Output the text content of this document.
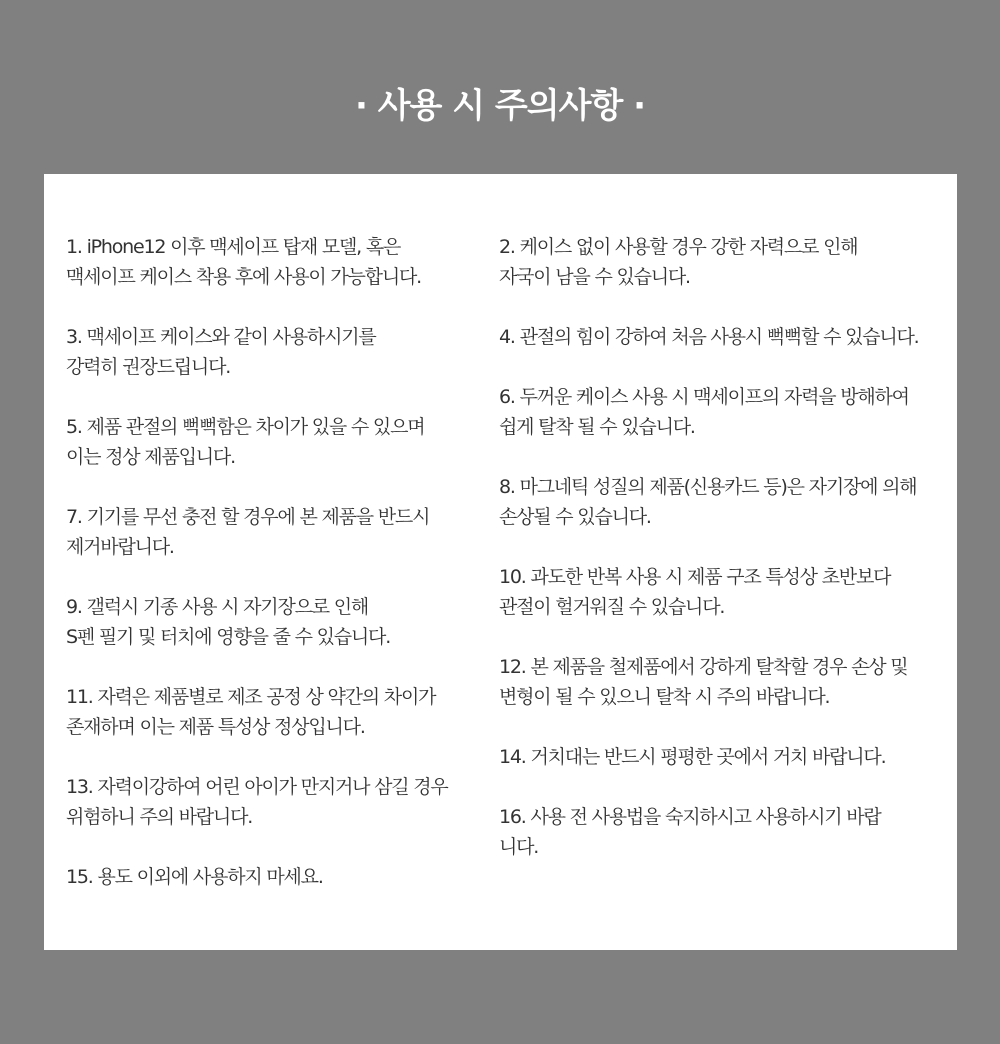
· 사용 시 주의사항 ·

1. iPhone12 이후 맥세이프 탑재 모델, 혹은
맥세이프 케이스 착용 후에 사용이 가능합니다.

3. 맥세이프 케이스와 같이 사용하시기를
강력히 권장드립니다.

5. 제품 관절의 뻑뻑함은 차이가 있을 수 있으며
이는 정상 제품입니다.

7. 기기를 무선 충전 할 경우에 본 제품을 반드시
제거바랍니다.

9. 갤럭시 기종 사용 시 자기장으로 인해
S펜 필기 및 터치에 영향을 줄 수 있습니다.

11. 자력은 제품별로 제조 공정 상 약간의 차이가
존재하며 이는 제품 특성상 정상입니다.

13. 자력이강하여 어린 아이가 만지거나 삼길 경우
위험하니 주의 바랍니다.

15. 용도 이외에 사용하지 마세요.

2. 케이스 없이 사용할 경우 강한 자력으로 인해
자국이 남을 수 있습니다.

4. 관절의 힘이 강하여 처음 사용시 뻑뻑할 수 있습니다.

6. 두꺼운 케이스 사용 시 맥세이프의 자력을 방해하여
쉽게 탈착 될 수 있습니다.

8. 마그네틱 성질의 제품(신용카드 등)은 자기장에 의해
손상될 수 있습니다.

10. 과도한 반복 사용 시 제품 구조 특성상 초반보다
관절이 헐거워질 수 있습니다.

12. 본 제품을 철제품에서 강하게 탈착할 경우 손상 및
변형이 될 수 있으니 탈착 시 주의 바랍니다.

14. 거치대는 반드시 평평한 곳에서 거치 바랍니다.

16. 사용 전 사용법을 숙지하시고 사용하시기 바랍
니다.
